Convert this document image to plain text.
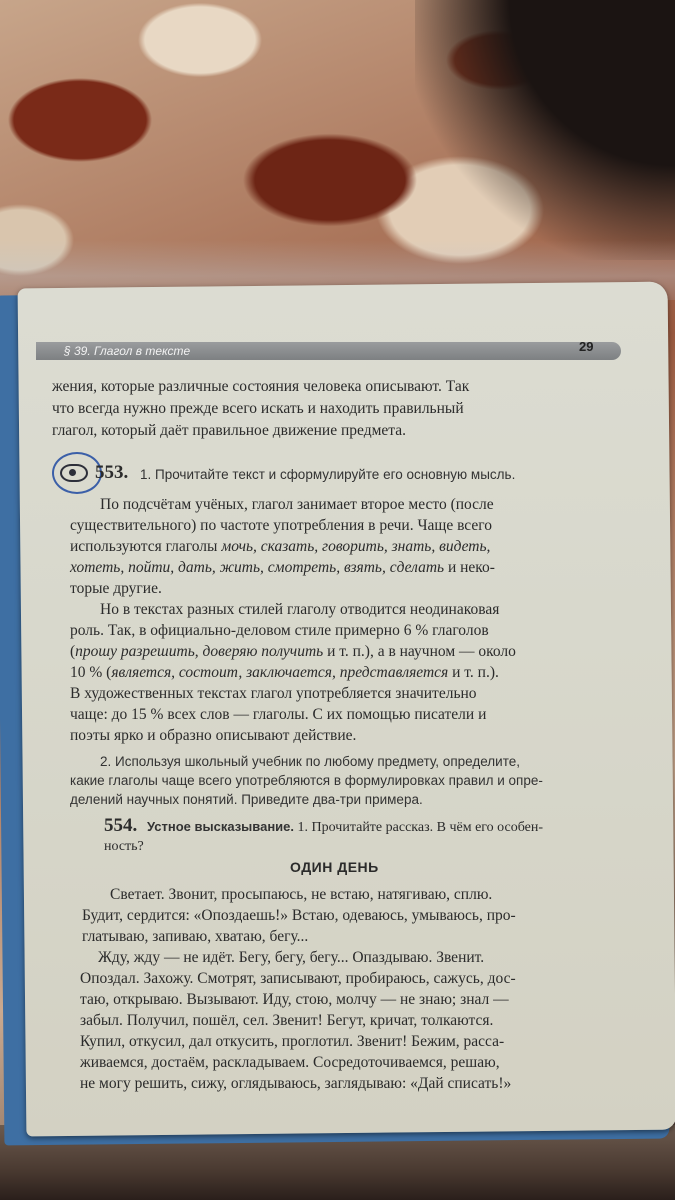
§ 39. Глагол в тексте	29
жения, которые различные состояния человека описывают. Так
что всегда нужно прежде всего искать и находить правильный
глагол, который даёт правильное движение предмета.
553. 1. Прочитайте текст и сформулируйте его основную мысль.
По подсчётам учёных, глагол занимает второе место (после
существительного) по частоте употребления в речи. Чаще всего
используются глаголы мочь, сказать, говорить, знать, видеть,
хотеть, пойти, дать, жить, смотреть, взять, сделать и неко-
торые другие.
Но в текстах разных стилей глаголу отводится неодинаковая
роль. Так, в официально-деловом стиле примерно 6 % глаголов
(прошу разрешить, доверяю получить и т. п.), а в научном — около
10 % (является, состоит, заключается, представляется и т. п.).
В художественных текстах глагол употребляется значительно
чаще: до 15 % всех слов — глаголы. С их помощью писатели и
поэты ярко и образно описывают действие.
2. Используя школьный учебник по любому предмету, определите,
какие глаголы чаще всего употребляются в формулировках правил и опре-
делений научных понятий. Приведите два-три примера.
554. Устное высказывание. 1. Прочитайте рассказ. В чём его особен-
ность?
ОДИН ДЕНЬ
Светает. Звонит, просыпаюсь, не встаю, натягиваю, сплю.
Будит, сердится: «Опоздаешь!» Встаю, одеваюсь, умываюсь, про-
глатываю, запиваю, хватаю, бегу...
Жду, жду — не идёт. Бегу, бегу, бегу... Опаздываю. Звенит.
Опоздал. Захожу. Смотрят, записывают, пробираюсь, сажусь, дос-
таю, открываю. Вызывают. Иду, стою, молчу — не знаю; знал —
забыл. Получил, пошёл, сел. Звенит! Бегут, кричат, толкаются.
Купил, откусил, дал откусить, проглотил. Звенит! Бежим, расса-
живаемся, достаём, раскладываем. Сосредоточиваемся, решаю,
не могу решить, сижу, оглядываюсь, заглядываю: «Дай списать!»
